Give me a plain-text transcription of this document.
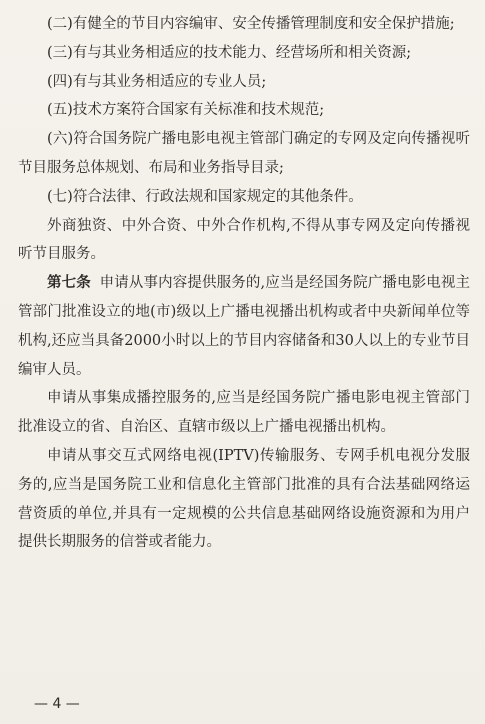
(二)有健全的节目内容编审、安全传播管理制度和安全保护措施;

(三)有与其业务相适应的技术能力、经营场所和相关资源;

(四)有与其业务相适应的专业人员;

(五)技术方案符合国家有关标准和技术规范;

(六)符合国务院广播电影电视主管部门确定的专网及定向传播视听节目服务总体规划、布局和业务指导目录;

(七)符合法律、行政法规和国家规定的其他条件。

外商独资、中外合资、中外合作机构,不得从事专网及定向传播视听节目服务。

第七条 申请从事内容提供服务的,应当是经国务院广播电影电视主管部门批准设立的地(市)级以上广播电视播出机构或者中央新闻单位等机构,还应当具备2000小时以上的节目内容储备和30人以上的专业节目编审人员。

申请从事集成播控服务的,应当是经国务院广播电影电视主管部门批准设立的省、自治区、直辖市级以上广播电视播出机构。

申请从事交互式网络电视(IPTV)传输服务、专网手机电视分发服务的,应当是国务院工业和信息化主管部门批准的具有合法基础网络运营资质的单位,并具有一定规模的公共信息基础网络设施资源和为用户提供长期服务的信誉或者能力。

— 4 —
